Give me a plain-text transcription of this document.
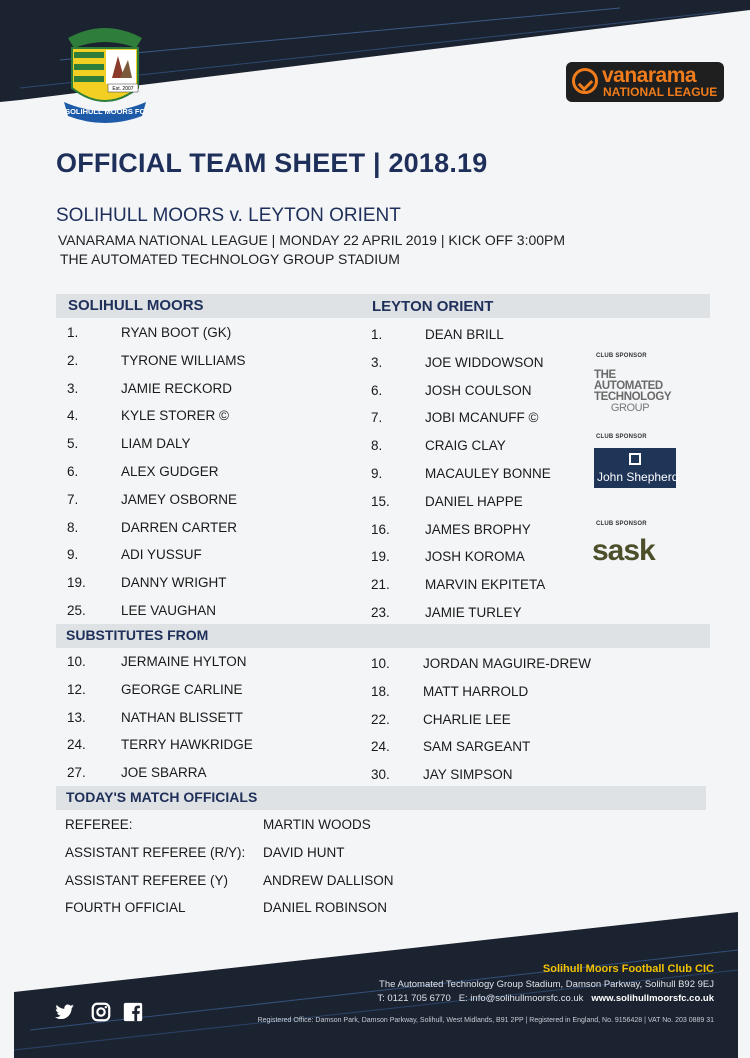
Est. 2007
SOLIHULL MOORS FC
vanarama
NATIONAL LEAGUE
OFFICIAL TEAM SHEET | 2018.19
SOLIHULL MOORS v. LEYTON ORIENT
VANARAMA NATIONAL LEAGUE | MONDAY 22 APRIL 2019 | KICK OFF 3:00PM
THE AUTOMATED TECHNOLOGY GROUP STADIUM
SOLIHULL MOORS	LEYTON ORIENT
1.	RYAN BOOT (GK)
2.	TYRONE WILLIAMS
3.	JAMIE RECKORD
4.	KYLE STORER ©
5.	LIAM DALY
6.	ALEX GUDGER
7.	JAMEY OSBORNE
8.	DARREN CARTER
9.	ADI YUSSUF
19.	DANNY WRIGHT
25.	LEE VAUGHAN
1.	DEAN BRILL
3.	JOE WIDDOWSON
6.	JOSH COULSON
7.	JOBI MCANUFF ©
8.	CRAIG CLAY
9.	MACAULEY BONNE
15.	DANIEL HAPPE
16.	JAMES BROPHY
19.	JOSH KOROMA
21.	MARVIN EKPITETA
23.	JAMIE TURLEY
SUBSTITUTES FROM
10.	JERMAINE HYLTON
12.	GEORGE CARLINE
13.	NATHAN BLISSETT
24.	TERRY HAWKRIDGE
27.	JOE SBARRA
10. JORDAN MAGUIRE-DREW
18. MATT HARROLD
22. CHARLIE LEE
24. SAM SARGEANT
30. JAY SIMPSON
TODAY'S MATCH OFFICIALS
REFEREE:	MARTIN WOODS
ASSISTANT REFEREE (R/Y): DAVID HUNT
ASSISTANT REFEREE (Y)	ANDREW DALLISON
FOURTH OFFICIAL	DANIEL ROBINSON
CLUB SPONSOR
THE AUTOMATED
TECHNOLOGY

GROUP
CLUB SPONSOR
John Shepherd
CLUB SPONSOR
sask
Solihull Moors Football Club CIC
The Automated Technology Group Stadium, Damson Parkway, Solihull B92 9EJ
T: 0121 705 6770 E: info@solihullmoorsfc.co.uk www.solihullmoorsfc.co.uk
Registered Office: Damson Park, Damson Parkway, Solihull, West Midlands, B91 2PP | Registered in England, No. 9156428 | VAT No. 203 0889 31
